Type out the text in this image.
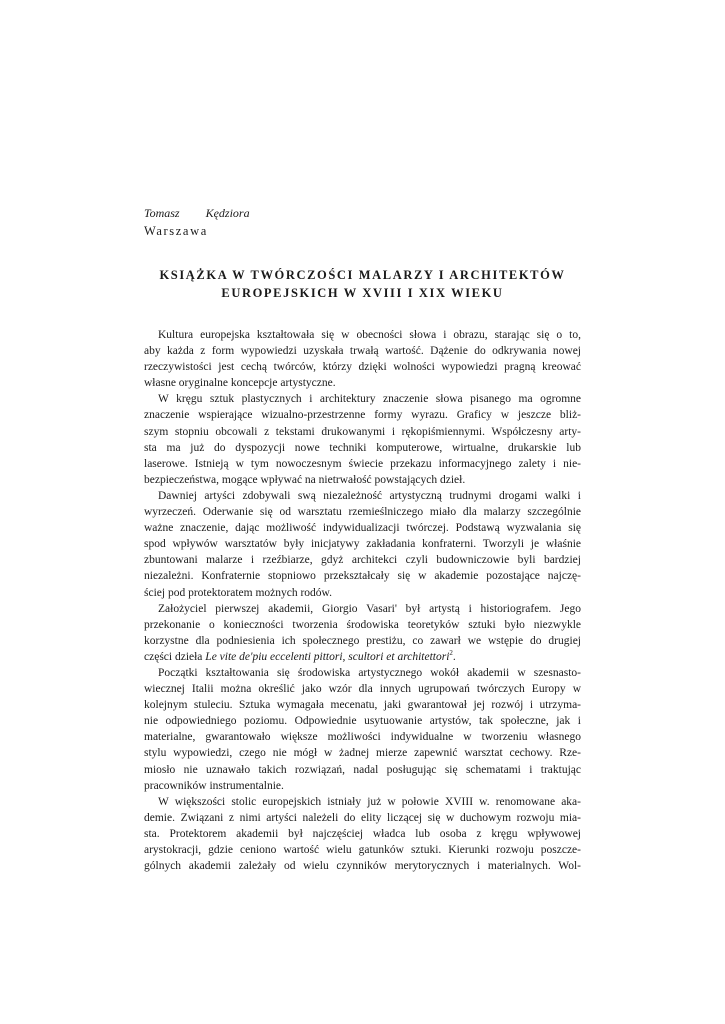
Tomasz Kędziora

Warszawa

KSIĄŻKA W TWÓRCZOŚCI MALARZY I ARCHITEKTÓW
EUROPEJSKICH W XVIII I XIX WIEKU

Kultura europejska kształtowała się w obecności słowa i obrazu, starając się o to,
aby każda z form wypowiedzi uzyskała trwałą wartość. Dążenie do odkrywania nowej
rzeczywistości jest cechą twórców, którzy dzięki wolności wypowiedzi pragną kreować
własne oryginalne koncepcje artystyczne.

W kręgu sztuk plastycznych i architektury znaczenie słowa pisanego ma ogromne
znaczenie wspierające wizualno-przestrzenne formy wyrazu. Graficy w jeszcze bliż-
szym stopniu obcowali z tekstami drukowanymi i rękopiśmiennymi. Współczesny arty-
sta ma już do dyspozycji nowe techniki komputerowe, wirtualne, drukarskie lub
laserowe. Istnieją w tym nowoczesnym świecie przekazu informacyjnego zalety i nie-
bezpieczeństwa, mogące wpływać na nietrwałość powstających dzieł.

Dawniej artyści zdobywali swą niezależność artystyczną trudnymi drogami walki i
wyrzeczeń. Oderwanie się od warsztatu rzemieślniczego miało dla malarzy szczególnie
ważne znaczenie, dając możliwość indywidualizacji twórczej. Podstawą wyzwalania się
spod wpływów warsztatów były inicjatywy zakładania konfraterni. Tworzyli je właśnie
zbuntowani malarze i rzeźbiarze, gdyż architekci czyli budowniczowie byli bardziej
niezależni. Konfraternie stopniowo przekształcały się w akademie pozostające najczę-
ściej pod protektoratem możnych rodów.

Założyciel pierwszej akademii, Giorgio Vasari' był artystą i historiografem. Jego
przekonanie o konieczności tworzenia środowiska teoretyków sztuki było niezwykle
korzystne dla podniesienia ich społecznego prestiżu, co zawarł we wstępie do drugiej
części dzieła Le vite de'piu eccelenti pittori, scultori et architettori$^2$.

Początki kształtowania się środowiska artystycznego wokół akademii w szesnasto-
wiecznej Italii można określić jako wzór dla innych ugrupowań twórczych Europy w
kolejnym stuleciu. Sztuka wymagała mecenatu, jaki gwarantował jej rozwój i utrzyma-
nie odpowiedniego poziomu. Odpowiednie usytuowanie artystów, tak społeczne, jak i
materialne, gwarantowało większe możliwości indywidualne w tworzeniu własnego
stylu wypowiedzi, czego nie mógł w żadnej mierze zapewnić warsztat cechowy. Rze-
miosło nie uznawało takich rozwiązań, nadal posługując się schematami i traktując
pracowników instrumentalnie.

W większości stolic europejskich istniały już w połowie XVIII w. renomowane aka-
demie. Związani z nimi artyści należeli do elity liczącej się w duchowym rozwoju mia-
sta. Protektorem akademii był najczęściej władca lub osoba z kręgu wpływowej
arystokracji, gdzie ceniono wartość wielu gatunków sztuki. Kierunki rozwoju poszcze-
gólnych akademii zależały od wielu czynników merytorycznych i materialnych. Wol-
